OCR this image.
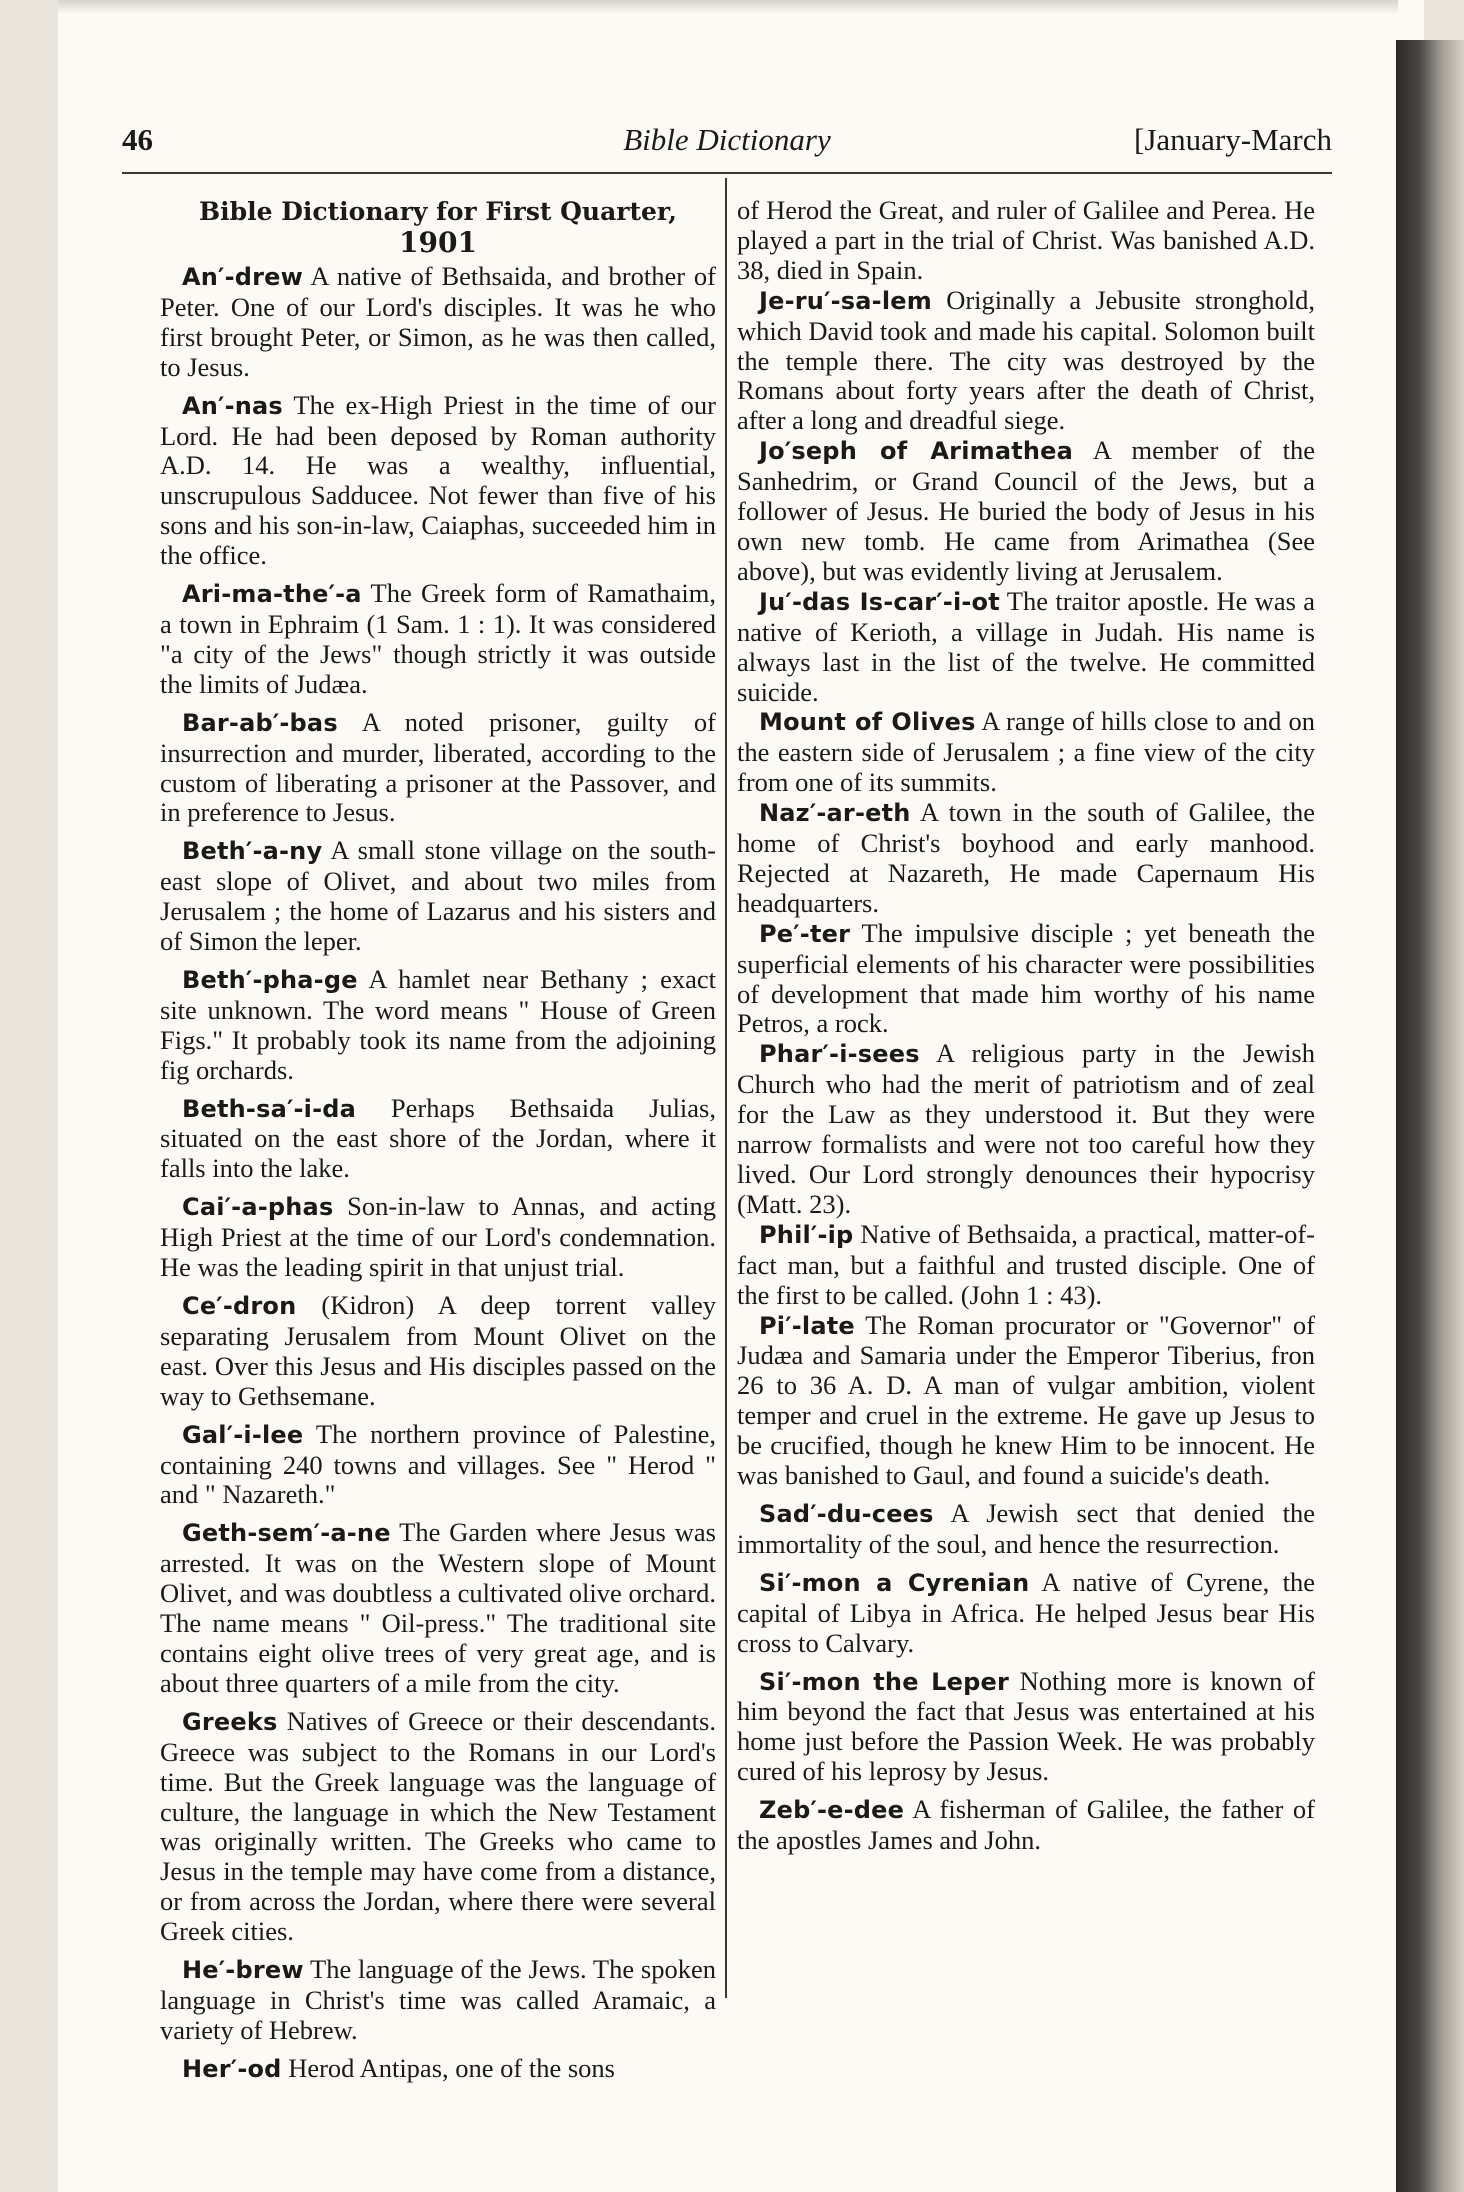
46	Bible Dictionary	[January-March
Bible Dictionary for First Quarter,
1901

An′-drew A native of Bethsaida, and brother of Peter. One of our Lord's disciples. It was he who first brought Peter, or Simon, as he was then called, to Jesus.

An′-nas The ex-High Priest in the time of our Lord. He had been deposed by Roman authority A.D. 14. He was a wealthy, influential, unscrupulous Sadducee. Not fewer than five of his sons and his son-in-law, Caiaphas, succeeded him in the office.

Ari-ma-the′-a The Greek form of Ramathaim, a town in Ephraim (1 Sam. 1 : 1). It was considered "a city of the Jews" though strictly it was outside the limits of Judæa.

Bar-ab′-bas A noted prisoner, guilty of insurrection and murder, liberated, according to the custom of liberating a prisoner at the Passover, and in preference to Jesus.

Beth′-a-ny A small stone village on the south-east slope of Olivet, and about two miles from Jerusalem ; the home of Lazarus and his sisters and of Simon the leper.

Beth′-pha-ge A hamlet near Bethany ; exact site unknown. The word means " House of Green Figs." It probably took its name from the adjoining fig orchards.

Beth-sa′-i-da Perhaps Bethsaida Julias, situated on the east shore of the Jordan, where it falls into the lake.

Cai′-a-phas Son-in-law to Annas, and acting High Priest at the time of our Lord's condemnation. He was the leading spirit in that unjust trial.

Ce′-dron (Kidron) A deep torrent valley separating Jerusalem from Mount Olivet on the east. Over this Jesus and His disciples passed on the way to Gethsemane.

Gal′-i-lee The northern province of Palestine, containing 240 towns and villages. See " Herod " and " Nazareth."

Geth-sem′-a-ne The Garden where Jesus was arrested. It was on the Western slope of Mount Olivet, and was doubtless a cultivated olive orchard. The name means " Oil-press." The traditional site contains eight olive trees of very great age, and is about three quarters of a mile from the city.

Greeks Natives of Greece or their descendants. Greece was subject to the Romans in our Lord's time. But the Greek language was the language of culture, the language in which the New Testament was originally written. The Greeks who came to Jesus in the temple may have come from a distance, or from across the Jordan, where there were several Greek cities.

He′-brew The language of the Jews. The spoken language in Christ's time was called Aramaic, a variety of Hebrew.

Her′-od Herod Antipas, one of the sons

of Herod the Great, and ruler of Galilee and Perea. He played a part in the trial of Christ. Was banished A.D. 38, died in Spain.

Je-ru′-sa-lem Originally a Jebusite stronghold, which David took and made his capital. Solomon built the temple there. The city was destroyed by the Romans about forty years after the death of Christ, after a long and dreadful siege.

Jo′seph of Arimathea A member of the Sanhedrim, or Grand Council of the Jews, but a follower of Jesus. He buried the body of Jesus in his own new tomb. He came from Arimathea (See above), but was evidently living at Jerusalem.

Ju′-das Is-car′-i-ot The traitor apostle. He was a native of Kerioth, a village in Judah. His name is always last in the list of the twelve. He committed suicide.

Mount of Olives A range of hills close to and on the eastern side of Jerusalem ; a fine view of the city from one of its summits.

Naz′-ar-eth A town in the south of Galilee, the home of Christ's boyhood and early manhood. Rejected at Nazareth, He made Capernaum His headquarters.

Pe′-ter The impulsive disciple ; yet beneath the superficial elements of his character were possibilities of development that made him worthy of his name Petros, a rock.

Phar′-i-sees A religious party in the Jewish Church who had the merit of patriotism and of zeal for the Law as they understood it. But they were narrow formalists and were not too careful how they lived. Our Lord strongly denounces their hypocrisy (Matt. 23).

Phil′-ip Native of Bethsaida, a practical, matter-of-fact man, but a faithful and trusted disciple. One of the first to be called. (John 1 : 43).

Pi′-late The Roman procurator or "Governor" of Judæa and Samaria under the Emperor Tiberius, fron 26 to 36 A. D. A man of vulgar ambition, violent temper and cruel in the extreme. He gave up Jesus to be crucified, though he knew Him to be innocent. He was banished to Gaul, and found a suicide's death.

Sad′-du-cees A Jewish sect that denied the immortality of the soul, and hence the resurrection.

Si′-mon a Cyrenian A native of Cyrene, the capital of Libya in Africa. He helped Jesus bear His cross to Calvary.

Si′-mon the Leper Nothing more is known of him beyond the fact that Jesus was entertained at his home just before the Passion Week. He was probably cured of his leprosy by Jesus.

Zeb′-e-dee A fisherman of Galilee, the father of the apostles James and John.
